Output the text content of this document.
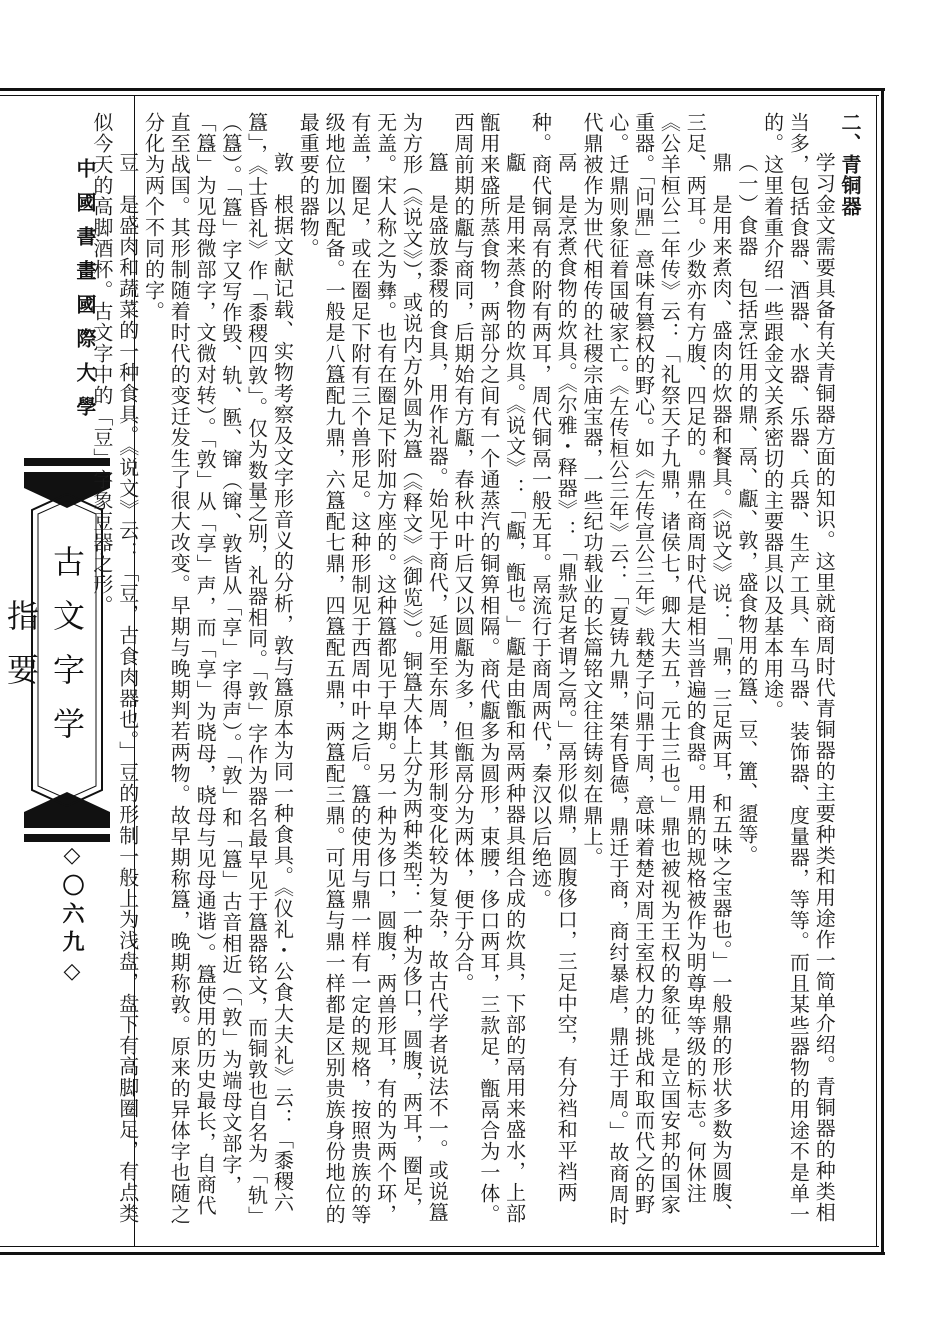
中國書畫國際大學
古文字学指要
◇〇六九◇

二、青铜器

学习金文需要具备有关青铜器方面的知识。这里就商周时代青铜器的主要种类和用途作一简单介绍。青铜器的种类相当多，包括食器、酒器、水器、乐器、兵器、生产工具、车马器、装饰器、度量器，等等。而且某些器物的用途不是单一的。这里着重介绍一些跟金文关系密切的主要器具以及基本用途。

（一）食器　包括烹饪用的鼎、鬲、甗、敦，盛食物用的簋、豆、簠、盨等。

鼎　是用来煮肉、盛肉的炊器和餐具。《说文》说：「鼎，三足两耳，和五味之宝器也。」一般鼎的形状多数为圆腹、三足、两耳。少数亦有方腹、四足的。鼎在商周时代是相当普遍的食器。用鼎的规格被作为明尊卑等级的标志。何休注《公羊桓公二年传》云：「礼祭天子九鼎，诸侯七，卿大夫五，元士三也。」鼎也被视为王权的象征，是立国安邦的国家重器。「问鼎」意味有篡权的野心。如《左传宣公三年》载楚子问鼎于周，意味着楚对周王室权力的挑战和取而代之的野心。迁鼎则象征着国破家亡。《左传桓公三年》云：「夏铸九鼎，桀有昏德，鼎迁于商，商纣暴虐，鼎迁于周。」故商周时代鼎被作为世代相传的社稷宗庙宝器，一些纪功载业的长篇铭文往往铸刻在鼎上。

鬲　是烹煮食物的炊具。《尔雅・释器》：「鼎款足者谓之鬲。」鬲形似鼎，圆腹侈口，三足中空，有分裆和平裆两种。商代铜鬲有的附有两耳，周代铜鬲一般无耳。鬲流行于商周两代，秦汉以后绝迹。

甗　是用来蒸食物的炊具。《说文》：「甗，甑也。」甗是由甑和鬲两种器具组合成的炊具，下部的鬲用来盛水，上部甑用来盛所蒸食物，两部分之间有一个通蒸汽的铜箅相隔。商代甗多为圆形，束腰，侈口两耳，三款足，甑鬲合为一体。西周前期的甗与商同，后期始有方甗，春秋中叶后又以圆甗为多，但甑鬲分为两体，便于分合。

簋　是盛放黍稷的食具，用作礼器。始见于商代，延用至东周，其形制变化较为复杂，故古代学者说法不一。或说簋为方形（《说文》），或说内方外圆为簋（《释文》《御览》）。铜簋大体上分为两种类型：一种为侈口，圆腹，两耳，圈足，无盖。宋人称之为彝。也有在圈足下附加方座的。这种簋都见于早期。另一种为侈口，圆腹，两兽形耳，有的为两个环，有盖，圈足，或在圈足下附有三个兽形足。这种形制见于西周中叶之后。簋的使用与鼎一样有一定的规格，按照贵族的等级地位加以配备。一般是八簋配九鼎，六簋配七鼎，四簋配五鼎，两簋配三鼎。可见簋与鼎一样都是区别贵族身份地位的最重要的器物。

敦　根据文献记载、实物考察及文字形音义的分析，敦与簋原本为同一种食具。《仪礼・公食大夫礼》云：「黍稷六簋」，《士昏礼》作「黍稷四敦」。仅为数量之别，礼器相同。「敦」字作为器名最早见于簋器铭文，而铜敦也自名为「轨」（簋）。「簋」字又写作毁、轨、匦、镩（镩、敦皆从「享」字得声）。「敦」和「簋」古音相近（「敦」为端母文部字，「簋」为见母微部字，文微对转）。「敦」从「享」声，而「享」为晓母，晓母与见母通谐）。簋使用的历史最长，自商代直至战国。其形制随着时代的变迁发生了很大改变。早期与晚期判若两物。故早期称簋，晚期称敦。原来的异体字也随之分化为两个不同的字。

豆　是盛肉和蔬菜的一种食具。《说文》云：「豆，古食肉器也。」豆的形制一般上为浅盘，盘下有高脚圈足，有点类似今天的高脚酒杯。古文字中的「豆」字象豆器之形。
